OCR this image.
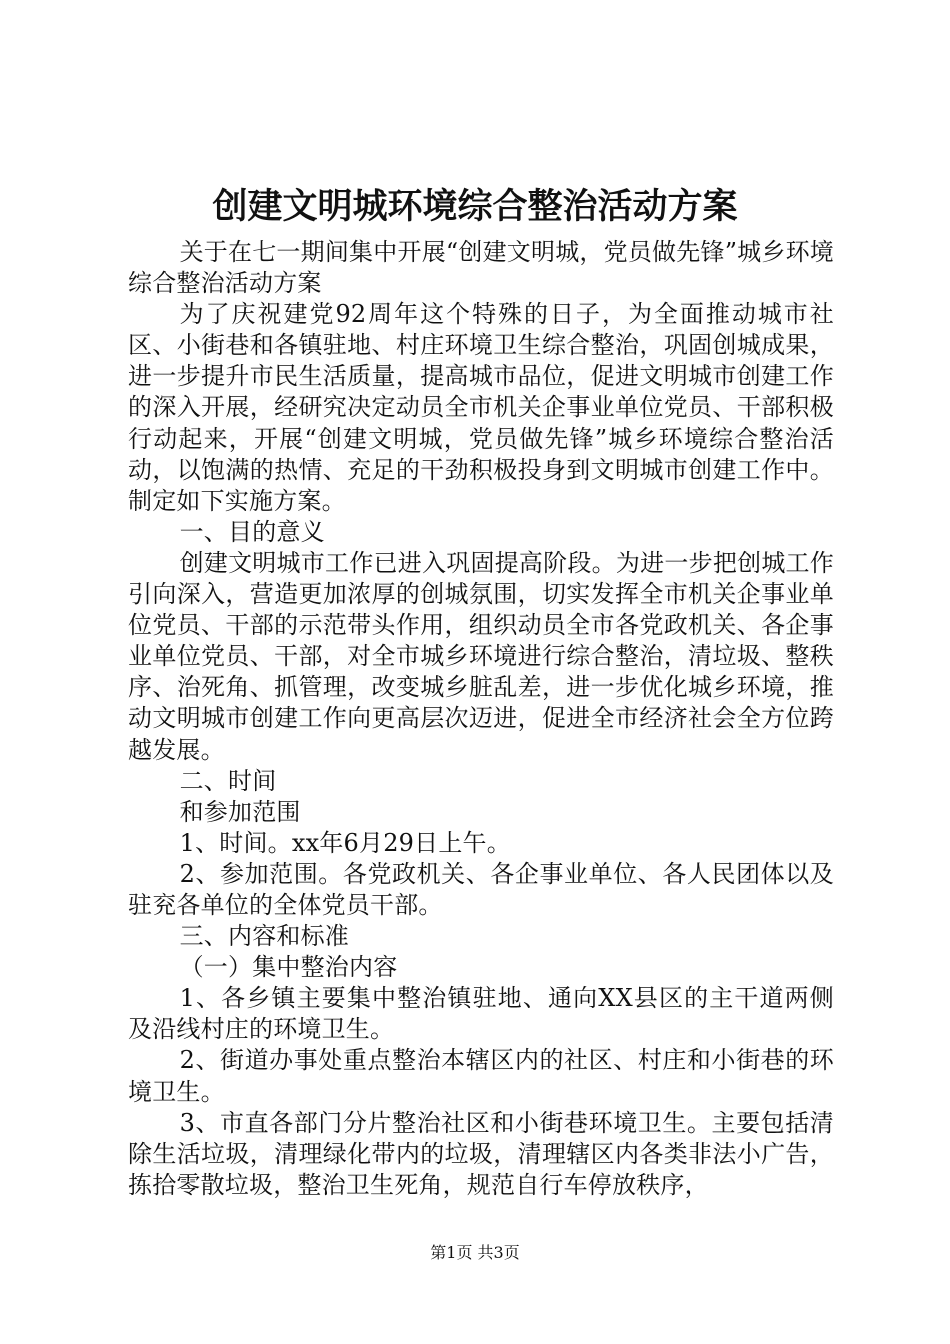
创建文明城环境综合整治活动方案

关于在七一期间集中开展“创建文明城，党员做先锋”城乡环境综合整治活动方案

为了庆祝建党92周年这个特殊的日子，为全面推动城市社区、小街巷和各镇驻地、村庄环境卫生综合整治，巩固创城成果，进一步提升市民生活质量，提高城市品位，促进文明城市创建工作的深入开展，经研究决定动员全市机关企事业单位党员、干部积极行动起来，开展“创建文明城，党员做先锋”城乡环境综合整治活动，以饱满的热情、充足的干劲积极投身到文明城市创建工作中。制定如下实施方案。

一、目的意义

创建文明城市工作已进入巩固提高阶段。为进一步把创城工作引向深入，营造更加浓厚的创城氛围，切实发挥全市机关企事业单位党员、干部的示范带头作用，组织动员全市各党政机关、各企事业单位党员、干部，对全市城乡环境进行综合整治，清垃圾、整秩序、治死角、抓管理，改变城乡脏乱差，进一步优化城乡环境，推动文明城市创建工作向更高层次迈进，促进全市经济社会全方位跨越发展。

二、时间

和参加范围

1、时间。xx年6月29日上午。

2、参加范围。各党政机关、各企事业单位、各人民团体以及驻兖各单位的全体党员干部。

三、内容和标准

（一）集中整治内容

1、各乡镇主要集中整治镇驻地、通向XX县区的主干道两侧及沿线村庄的环境卫生。

2、街道办事处重点整治本辖区内的社区、村庄和小街巷的环境卫生。

3、市直各部门分片整治社区和小街巷环境卫生。主要包括清除生活垃圾，清理绿化带内的垃圾，清理辖区内各类非法小广告，拣拾零散垃圾，整治卫生死角，规范自行车停放秩序，

第1页 共3页
